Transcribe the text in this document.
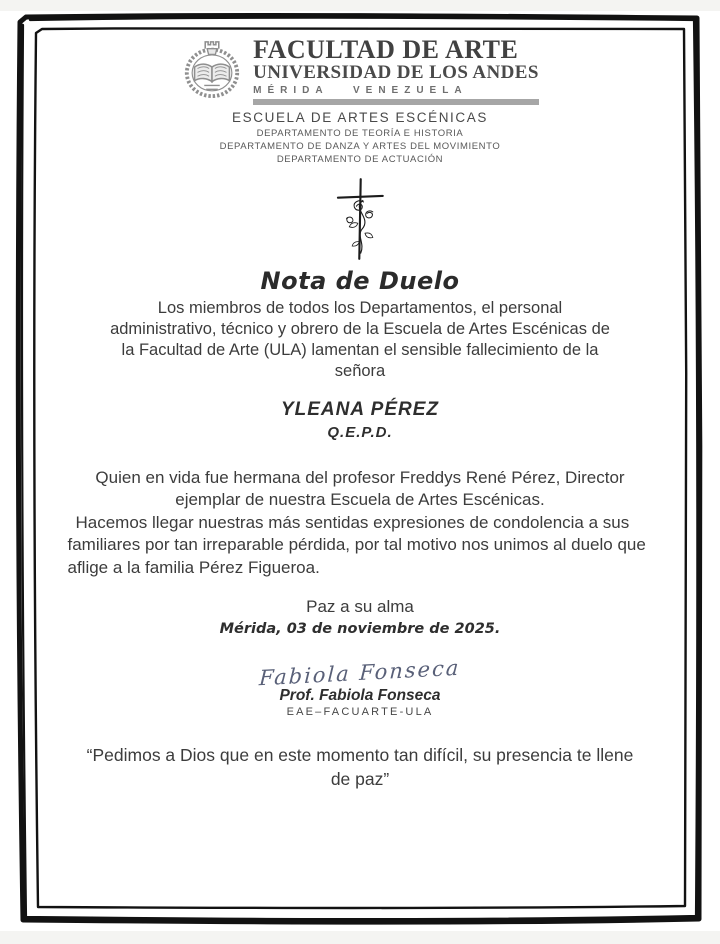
FACULTAD DE ARTE
UNIVERSIDAD DE LOS ANDES
MÉRIDA VENEZUELA
ESCUELA DE ARTES ESCÉNICAS
DEPARTAMENTO DE TEORÍA E HISTORIA
DEPARTAMENTO DE DANZA Y ARTES DEL MOVIMIENTO
DEPARTAMENTO DE ACTUACIÓN
Nota de Duelo

Los miembros de todos los Departamentos, el personal administrativo, técnico y obrero de la Escuela de Artes Escénicas de la Facultad de Arte (ULA) lamentan el sensible fallecimiento de la señora

YLEANA PÉREZ
Q.E.P.D.

Quien en vida fue hermana del profesor Freddys René Pérez, Director ejemplar de nuestra Escuela de Artes Escénicas.

Hacemos llegar nuestras más sentidas expresiones de condolencia a sus familiares por tan irreparable pérdida, por tal motivo nos unimos al duelo que aflige a la familia Pérez Figueroa.

Paz a su alma
Mérida, 03 de noviembre de 2025.
Fabiola Fonseca
Prof. Fabiola Fonseca
EAE–FACUARTE-ULA

“Pedimos a Dios que en este momento tan difícil, su presencia te llene de paz”
